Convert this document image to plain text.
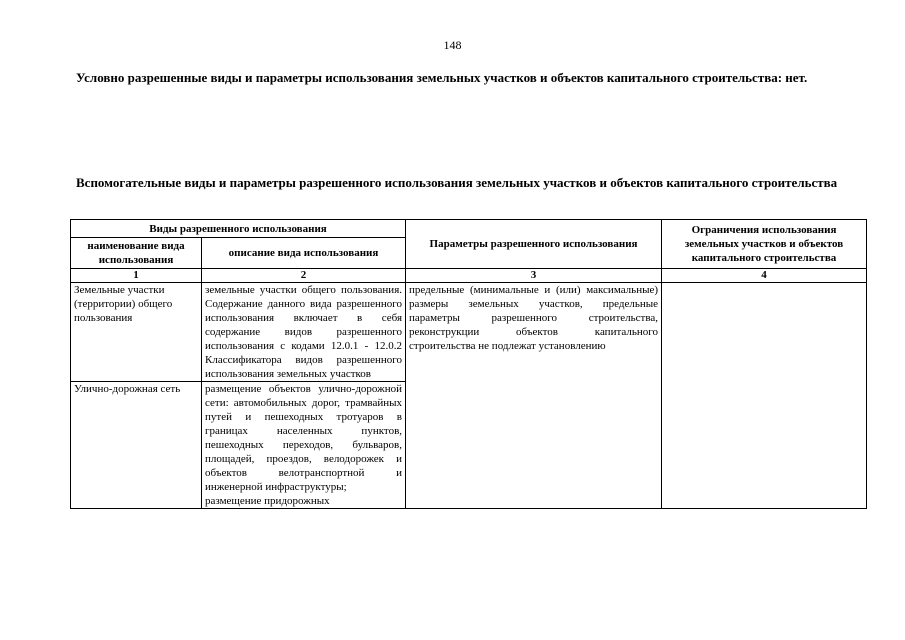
148
Условно разрешенные виды и параметры использования земельных участков и объектов капитального строительства: нет.
Вспомогательные виды и параметры разрешенного использования земельных участков и объектов капитального строительства
Виды разрешенного использования		Параметры разрешенного использования	Ограничения использования земельных участков и объектов капитального строительства
наименование вида использования	описание вида использования		
1	2	3	4
Земельные участки (территории) общего пользования	земельные участки общего пользования. Содержание данного вида разрешенного использования включает в себя содержание видов разрешенного использования с кодами 12.0.1 - 12.0.2 Классификатора видов разрешенного использования земельных участков	предельные (минимальные и (или) максимальные) размеры земельных участков, предельные параметры разрешенного строительства, реконструкции объектов капитального строительства не подлежат установлению	
Улично-дорожная сеть	размещение объектов улично-дорожной сети: автомобильных дорог, трамвайных путей и пешеходных тротуаров в границах населенных пунктов, пешеходных переходов, бульваров, площадей, проездов, велодорожек и объектов велотранспортной и инженерной инфраструктуры;
размещение придорожных		
